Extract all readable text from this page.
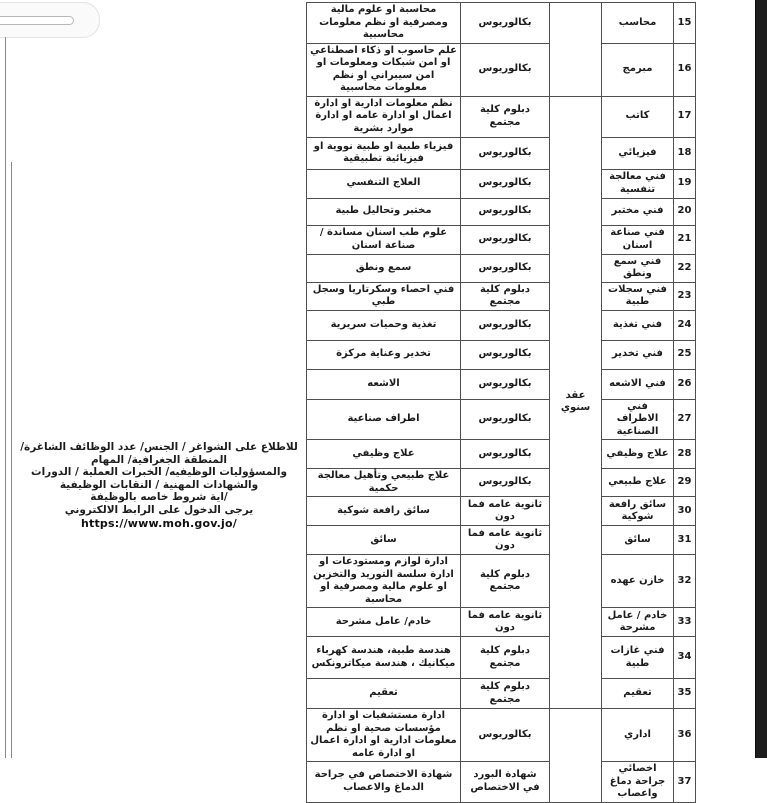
للاطلاع على الشواغر / الجنس/ عدد الوظائف الشاغرة/ المنطقة الجغرافية/ المهام
والمسؤوليات الوظيفيه/ الخبرات العملية / الدورات والشهادات المهنية / النقابات الوظيفية
/اية شروط خاصه بالوظيفة
يرجى الدخول على الرابط الالكتروني
https://www.moh.gov.jo/
15	محاسب		بكالوريوس	محاسبة او علوم مالية ومصرفية او نظم معلومات محاسبية
16	مبرمج		بكالوريوس	علم حاسوب او ذكاء اصطناعي او امن شبكات ومعلومات او امن سيبراني او نظم معلومات محاسبية
17	كاتب	عقد سنوي	دبلوم كلية مجتمع	نظم معلومات ادارية او ادارة اعمال او ادارة عامه او ادارة موارد بشرية
18	فيزيائي		بكالوريوس	فيزياء طبية او طبية نووية او فيزيائية تطبيقية
19	فني معالجة تنفسية		بكالوريوس	العلاج التنفسي
20	فني مختبر		بكالوريوس	مختبر وتحاليل طبية
21	فني صناعة اسنان		بكالوريوس	علوم طب اسنان مساندة / صناعة اسنان
22	فني سمع ونطق		بكالوريوس	سمع ونطق
23	فني سجلات طبية		دبلوم كلية مجتمع	فني احصاء وسكرتاريا وسجل طبي
24	فني تغذية		بكالوريوس	تغذية وحميات سريرية
25	فني تخدير		بكالوريوس	تخدير وعناية مركزة
26	فني الاشعه		بكالوريوس	الاشعه
27	فني الاطراف الصناعية		بكالوريوس	اطراف صناعية
28	علاج وظيفي		بكالوريوس	علاج وظيفي
29	علاج طبيعي		بكالوريوس	علاج طبيعي وتأهيل معالجة حكمية
30	سائق رافعة شوكية		ثانوية عامه فما دون	سائق رافعة شوكية
31	سائق		ثانوية عامه فما دون	سائق
32	خازن عهده		دبلوم كلية مجتمع	ادارة لوازم ومستودعات او ادارة سلسة التوريد والتخزين او علوم مالية ومصرفية او محاسبة
33	خادم / عامل مشرحة		ثانوية عامه فما دون	خادم/ عامل مشرحة
34	فني غازات طبية		دبلوم كلية مجتمع	هندسة طبية، هندسة كهرباء ميكانيك ، هندسة ميكاترونكس
35	تعقيم		دبلوم كلية مجتمع	تعقيم
36	اداري		بكالوريوس	ادارة مستشفيات او ادارة مؤسسات صحية او نظم معلومات ادارية او ادارة اعمال او ادارة عامه
37	اخصائي جراحة دماغ واعصاب		شهادة البورد في الاختصاص	شهادة الاختصاص في جراحة الدماغ والاعصاب
